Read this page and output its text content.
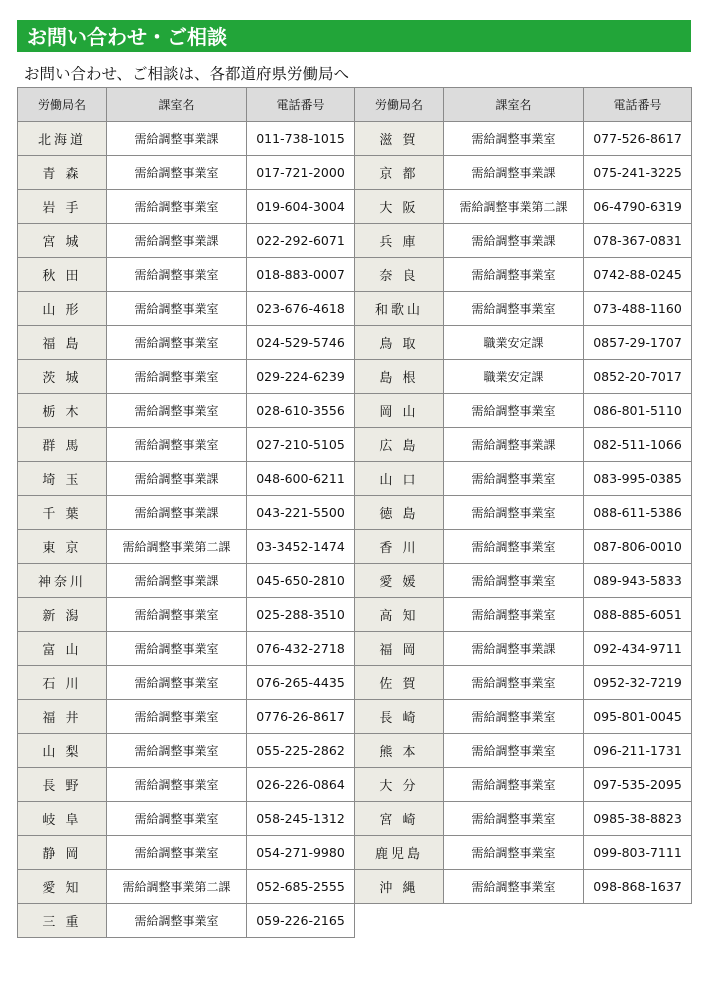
お問い合わせ・ご相談
お問い合わせ、ご相談は、各都道府県労働局へ
労働局名	課室名	電話番号
北海道	需給調整事業課	011-738-1015
青 森	需給調整事業室	017-721-2000
岩 手	需給調整事業室	019-604-3004
宮 城	需給調整事業課	022-292-6071
秋 田	需給調整事業室	018-883-0007
山 形	需給調整事業室	023-676-4618
福 島	需給調整事業室	024-529-5746
茨 城	需給調整事業室	029-224-6239
栃 木	需給調整事業室	028-610-3556
群 馬	需給調整事業室	027-210-5105
埼 玉	需給調整事業課	048-600-6211
千 葉	需給調整事業課	043-221-5500
東 京	需給調整事業第二課	03-3452-1474
神奈川	需給調整事業課	045-650-2810
新 潟	需給調整事業室	025-288-3510
富 山	需給調整事業室	076-432-2718
石 川	需給調整事業室	076-265-4435
福 井	需給調整事業室	0776-26-8617
山 梨	需給調整事業室	055-225-2862
長 野	需給調整事業室	026-226-0864
岐 阜	需給調整事業室	058-245-1312
静 岡	需給調整事業室	054-271-9980
愛 知	需給調整事業第二課	052-685-2555
三 重	需給調整事業室	059-226-2165
労働局名	課室名	電話番号
滋 賀	需給調整事業室	077-526-8617
京 都	需給調整事業課	075-241-3225
大 阪	需給調整事業第二課	06-4790-6319
兵 庫	需給調整事業課	078-367-0831
奈 良	需給調整事業室	0742-88-0245
和歌山	需給調整事業室	073-488-1160
鳥 取	職業安定課	0857-29-1707
島 根	職業安定課	0852-20-7017
岡 山	需給調整事業室	086-801-5110
広 島	需給調整事業課	082-511-1066
山 口	需給調整事業室	083-995-0385
徳 島	需給調整事業室	088-611-5386
香 川	需給調整事業室	087-806-0010
愛 媛	需給調整事業室	089-943-5833
高 知	需給調整事業室	088-885-6051
福 岡	需給調整事業課	092-434-9711
佐 賀	需給調整事業室	0952-32-7219
長 崎	需給調整事業室	095-801-0045
熊 本	需給調整事業室	096-211-1731
大 分	需給調整事業室	097-535-2095
宮 崎	需給調整事業室	0985-38-8823
鹿児島	需給調整事業室	099-803-7111
沖 縄	需給調整事業室	098-868-1637
